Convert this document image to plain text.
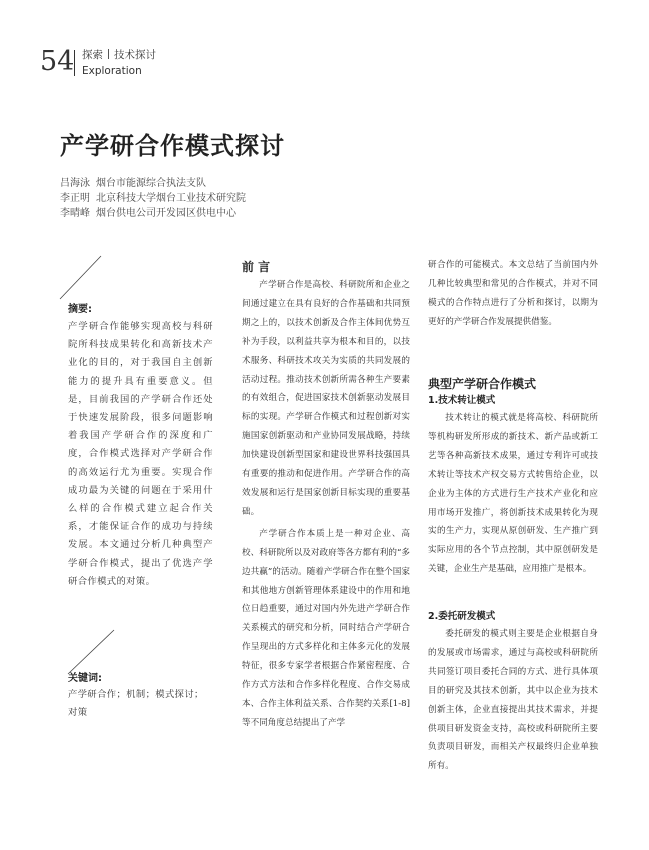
54 探索 技术探讨
Exploration
产学研合作模式探讨
吕海泳 烟台市能源综合执法支队
李正明 北京科技大学烟台工业技术研究院
李晴峰 烟台供电公司开发园区供电中心
摘要:
产学研合作能够实现高校与科研院所科技成果转化和高新技术产业化的目的，对于我国自主创新能力的提升具有重要意义。但是，目前我国的产学研合作还处于快速发展阶段，很多问题影响着我国产学研合作的深度和广度，合作模式选择对产学研合作的高效运行尤为重要。实现合作成功最为关键的问题在于采用什么样的合作模式建立起合作关系，才能保证合作的成功与持续发展。本文通过分析几种典型产学研合作模式，提出了优选产学研合作模式的对策。
关键词:
产学研合作；机制；模式探讨；对策
前 言

产学研合作是高校、科研院所和企业之间通过建立在具有良好的合作基础和共同预期之上的，以技术创新及合作主体间优势互补为手段，以利益共享为根本和目的，以技术服务、科研技术攻关为实质的共同发展的活动过程。推动技术创新所需各种生产要素的有效组合，促进国家技术创新驱动发展目标的实现。产学研合作模式和过程创新对实施国家创新驱动和产业协同发展战略，持续加快建设创新型国家和建设世界科技强国具有重要的推动和促进作用。产学研合作的高效发展和运行是国家创新目标实现的重要基础。

产学研合作本质上是一种对企业、高校、科研院所以及对政府等各方都有利的“多边共赢”的活动。随着产学研合作在整个国家和其他地方创新管理体系建设中的作用和地位日趋重要，通过对国内外先进产学研合作关系模式的研究和分析，同时结合产学研合作呈现出的方式多样化和主体多元化的发展特征，很多专家学者根据合作紧密程度、合作方式方法和合作多样化程度、合作交易成本、合作主体利益关系、合作契约关系[1-8]等不同角度总结提出了产学

研合作的可能模式。本文总结了当前国内外几种比较典型和常见的合作模式，并对不同模式的合作特点进行了分析和探讨，以期为更好的产学研合作发展提供借鉴。

典型产学研合作模式
1.技术转让模式

技术转让的模式就是将高校、科研院所等机构研发所形成的新技术、新产品或新工艺等各种高新技术成果，通过专利许可或技术转让等技术产权交易方式转售给企业，以企业为主体的方式进行生产技术产业化和应用市场开发推广，将创新技术成果转化为现实的生产力，实现从原创研发、生产推广到实际应用的各个节点控制，其中原创研发是关键，企业生产是基础，应用推广是根本。

2.委托研发模式

委托研发的模式则主要是企业根据自身的发展或市场需求，通过与高校或科研院所共同签订项目委托合同的方式、进行具体项目的研究及其技术创新，其中以企业为技术创新主体，企业直接提出其技术需求，并提供项目研发资金支持，高校或科研院所主要负责项目研发，而相关产权最终归企业单独所有。
